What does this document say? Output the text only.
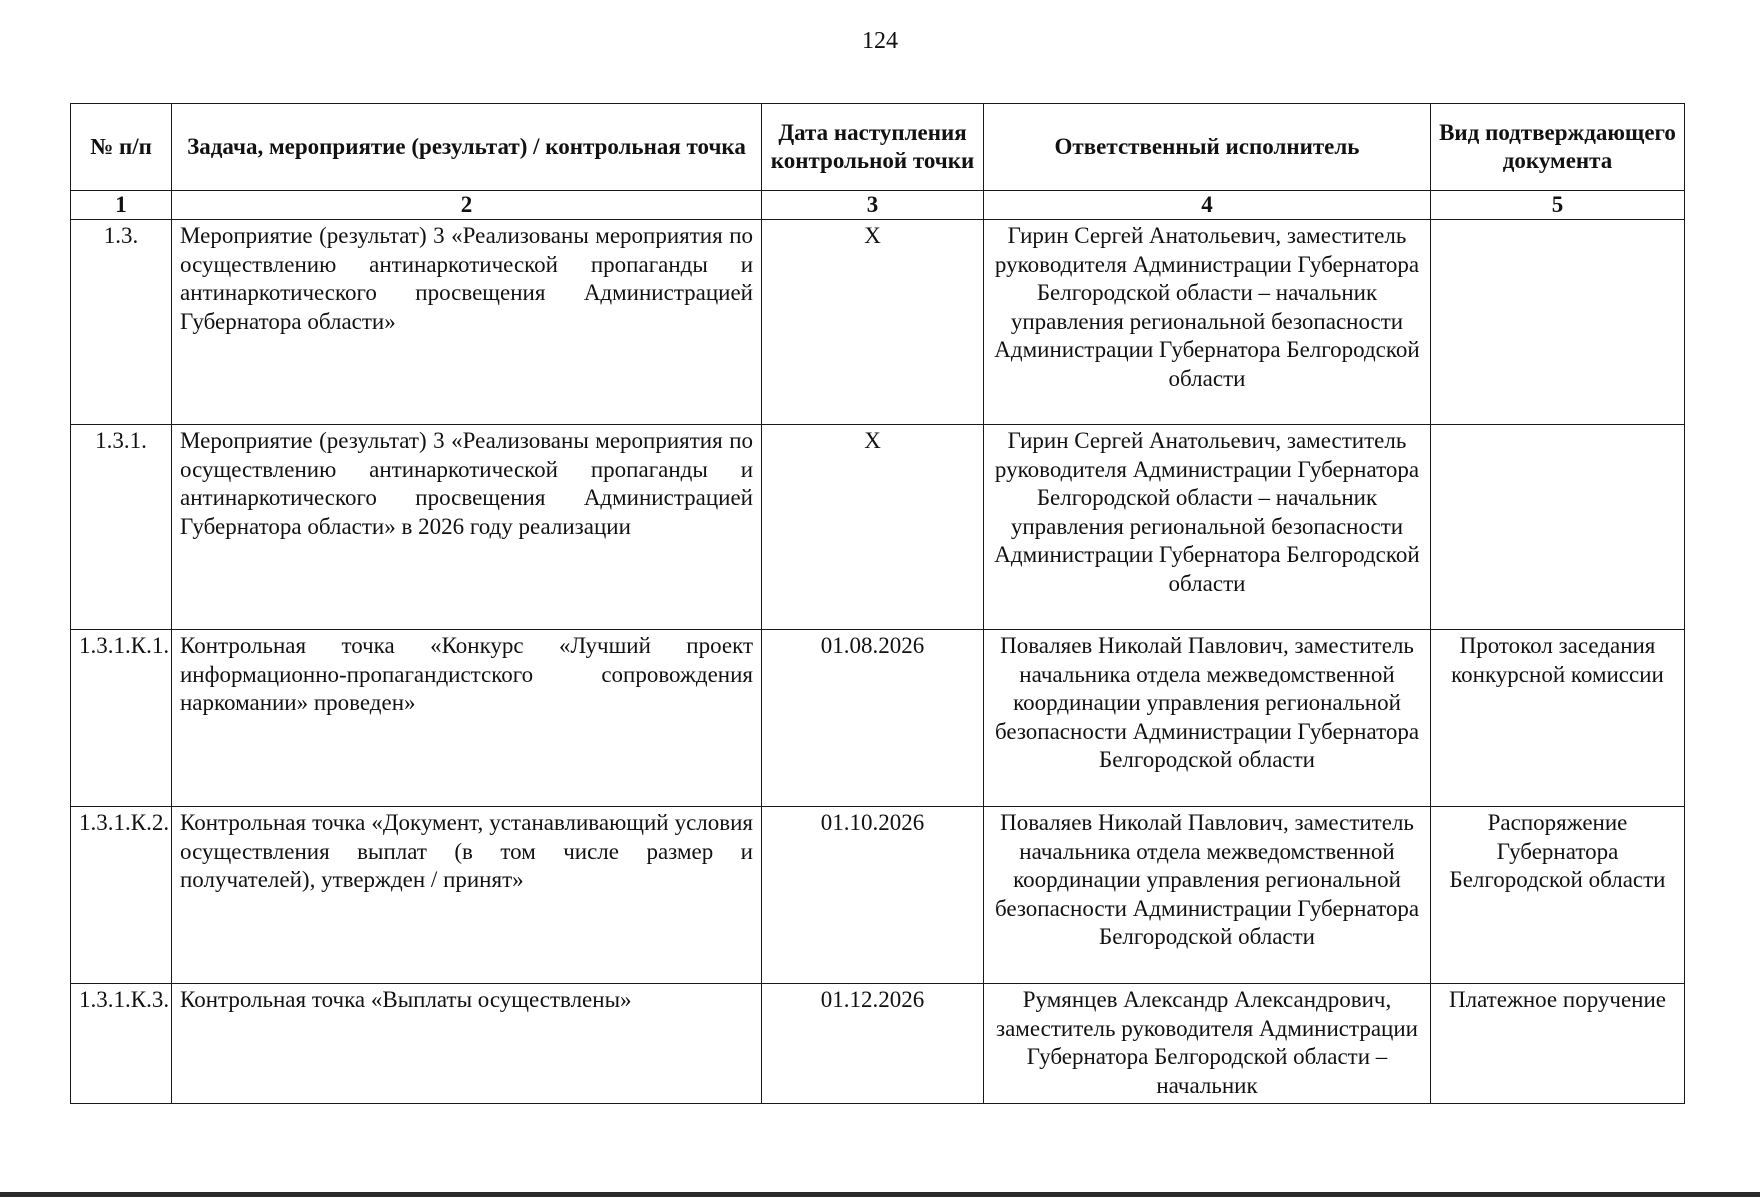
124
№ п/п	Задача, мероприятие (результат) / контрольная точка	Дата наступления контрольной точки	Ответственный исполнитель	Вид подтверждающего документа
1	2	3	4	5
1.3.	Мероприятие (результат) 3 «Реализованы мероприятия по осуществлению антинаркотической пропаганды и антинаркотического просвещения Администрацией Губернатора области»	X	Гирин Сергей Анатольевич, заместитель руководителя Администрации Губернатора Белгородской области – начальник управления региональной безопасности Администрации Губернатора Белгородской области	
1.3.1.	Мероприятие (результат) 3 «Реализованы мероприятия по осуществлению антинаркотической пропаганды и антинаркотического просвещения Администрацией Губернатора области» в 2026 году реализации	X	Гирин Сергей Анатольевич, заместитель руководителя Администрации Губернатора Белгородской области – начальник управления региональной безопасности Администрации Губернатора Белгородской области	
1.3.1.К.1.	Контрольная точка «Конкурс «Лучший проект информационно-пропагандистского сопровождения наркомании» проведен»	01.08.2026	Поваляев Николай Павлович, заместитель начальника отдела межведомственной координации управления региональной безопасности Администрации Губернатора Белгородской области	Протокол заседания конкурсной комиссии
1.3.1.К.2.	Контрольная точка «Документ, устанавливающий условия осуществления выплат (в том числе размер и получателей), утвержден / принят»	01.10.2026	Поваляев Николай Павлович, заместитель начальника отдела межведомственной координации управления региональной безопасности Администрации Губернатора Белгородской области	Распоряжение Губернатора Белгородской области
1.3.1.К.3.	Контрольная точка «Выплаты осуществлены»	01.12.2026	Румянцев Александр Александрович, заместитель руководителя Администрации Губернатора Белгородской области – начальник	Платежное поручение
